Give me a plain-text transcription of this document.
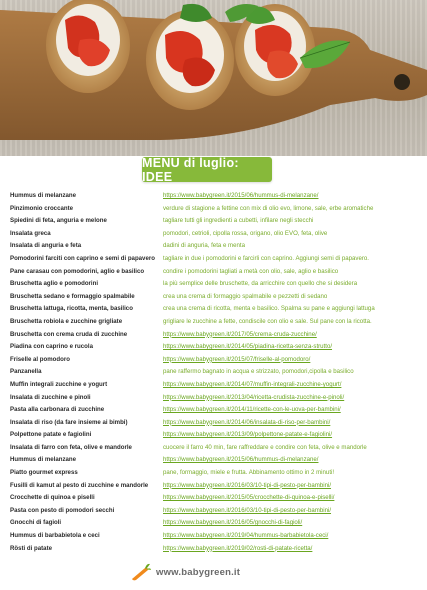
MENU di luglio: IDEE
Hummus di melanzane	https://www.babygreen.it/2015/06/hummus-di-melanzane/
Pinzimonio croccante	verdure di stagione a fettine con mix di olio evo, limone, sale, erbe aromatiche
Spiedini di feta, anguria e melone	tagliare tutti gli ingredienti a cubetti, infilare negli stecchi
Insalata greca	pomodori, cetrioli, cipolla rossa, origano, olio EVO, feta, olive
Insalata di anguria e feta	dadini di anguria, feta e menta
Pomodorini farciti con caprino e semi di papavero	tagliare in due i pomodorini e farcirli con caprino. Aggiungi semi di papavero.
Pane carasau con pomodorini, aglio e basilico	condire i pomodorini tagliati a metà con olio, sale, aglio e basilico
Bruschetta aglio e pomodorini	la più semplice delle bruschette, da arricchire con quello che si desidera
Bruschetta sedano e formaggio spalmabile	crea una crema di formaggio spalmabile e pezzetti di sedano
Bruschetta lattuga, ricotta, menta, basilico	crea una crema di ricotta, menta e basilico. Spalma su pane e aggiungi lattuga
Bruschetta robiola e zucchine grigliate	grigliare le zucchine a fette, condiscile con olio e sale. Sul pane con la ricotta.
Bruschetta con crema cruda di zucchine	https://www.babygreen.it/2017/05/crema-cruda-zucchine/
Piadina con caprino e rucola	https://www.babygreen.it/2014/05/piadina-ricetta-senza-strutto/
Friselle al pomodoro	https://www.babygreen.it/2015/07/friselle-al-pomodoro/
Panzanella	pane raffermo bagnato in acqua e strizzato, pomodori,cipolla e basilico
Muffin integrali zucchine e yogurt	https://www.babygreen.it/2014/07/muffin-integrali-zucchine-yogurt/
Insalata di zucchine e pinoli	https://www.babygreen.it/2013/04/ricetta-crudista-zucchine-e-pinoli/
Pasta alla carbonara di zucchine	https://www.babygreen.it/2014/11/ricette-con-le-uova-per-bambini/
Insalata di riso (da fare insieme ai bimbi)	https://www.babygreen.it/2014/06/insalata-di-riso-per-bambini/
Polpettone patate e fagiolini	https://www.babygreen.it/2013/09/polpettone-patate-e-fagiolini/
Insalata di farro con feta, olive e mandorle	cuocere il farro 40 min, fare raffreddare e condire con feta, olive e mandorle
Hummus di melanzane	https://www.babygreen.it/2015/06/hummus-di-melanzane/
Piatto gourmet express	pane, formaggio, miele e frutta. Abbinamento ottimo in 2 minuti!
Fusilli di kamut al pesto di zucchine e mandorle	https://www.babygreen.it/2016/03/10-tipi-di-pesto-per-bambini/
Crocchette di quinoa e piselli	https://www.babygreen.it/2015/05/crocchette-di-quinoa-e-piselli/
Pasta con pesto di pomodori secchi	https://www.babygreen.it/2016/03/10-tipi-di-pesto-per-bambini/
Gnocchi di fagioli	https://www.babygreen.it/2016/05/gnocchi-di-fagioli/
Hummus di barbabietola e ceci	https://www.babygreen.it/2019/04/hummus-barbabietola-ceci/
Rösti di patate	https://www.babygreen.it/2019/02/rosti-di-patate-ricetta/
www.babygreen.it
